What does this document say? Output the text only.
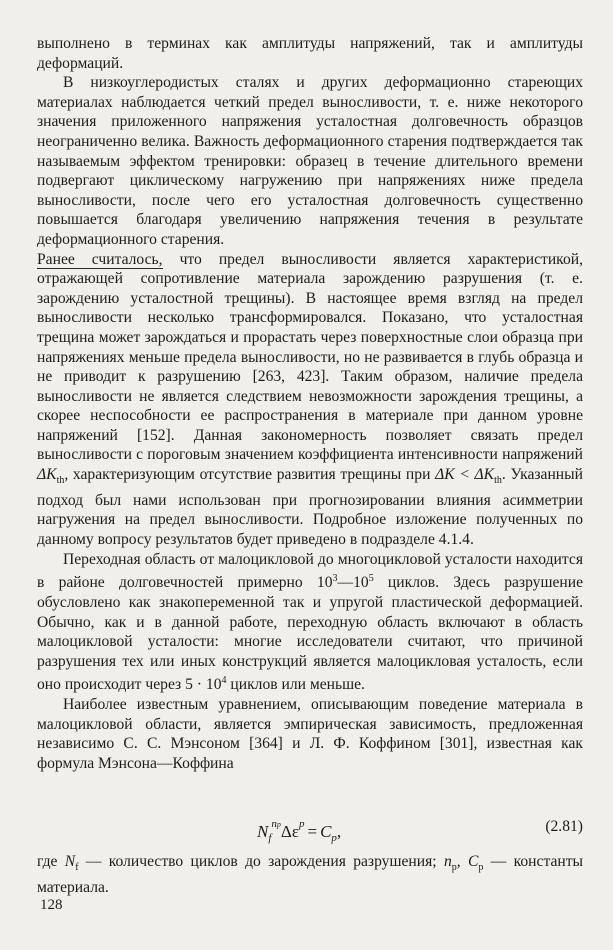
выполнено в терминах как амплитуды напряжений, так и амплитуды деформаций.

В низкоуглеродистых сталях и других деформационно стареющих материалах наблюдается четкий предел выносливости, т. е. ниже некоторого значения приложенного напряжения усталостная долговечность образцов неограниченно велика. Важность деформационного старения подтверждается так называемым эффектом тренировки: образец в течение длительного времени подвергают циклическому нагружению при напряжениях ниже предела выносливости, после чего его усталостная долговечность существенно повышается благодаря увеличению напряжения течения в результате деформационного старения.

Ранее считалось, что предел выносливости является характеристикой, отражающей сопротивление материала зарождению разрушения (т. е. зарождению усталостной трещины). В настоящее время взгляд на предел выносливости несколько трансформировался. Показано, что усталостная трещина может зарождаться и прорастать через поверхностные слои образца при напряжениях меньше предела выносливости, но не развивается в глубь образца и не приводит к разрушению [263, 423]. Таким образом, наличие предела выносливости не является следствием невозможности зарождения трещины, а скорее неспособности ее распространения в материале при данном уровне напряжений [152]. Данная закономерность позволяет связать предел выносливости с пороговым значением коэффициента интенсивности напряжений $\Delta K_{th}$, характеризующим отсутствие развития трещины при $\Delta K < \Delta K_{th}$. Указанный подход был нами использован при прогнозировании влияния асимметрии нагружения на предел выносливости. Подробное изложение полученных по данному вопросу результатов будет приведено в подразделе 4.1.4.

Переходная область от малоцикловой до многоцикловой усталости находится в районе долговечностей примерно $10^3—10^5$ циклов. Здесь разрушение обусловлено как знакопеременной так и упругой пластической деформацией. Обычно, как и в данной работе, переходную область включают в область малоцикловой усталости: многие исследователи считают, что причиной разрушения тех или иных конструкций является малоцикловая усталость, если оно происходит через $5 \cdot 10^4$ циклов или меньше.

Наиболее известным уравнением, описывающим поведение материала в малоцикловой области, является эмпирическая зависимость, предложенная независимо С. С. Мэнсоном [364] и Л. Ф. Коффином [301], известная как формула Мэнсона—Коффина

$N_f^{np}\Delta\varepsilon^p = C_p$,	(2.81)

где $N_f$ — количество циклов до зарождения разрушения; $n_p$, $C_p$ — константы материала.

128
